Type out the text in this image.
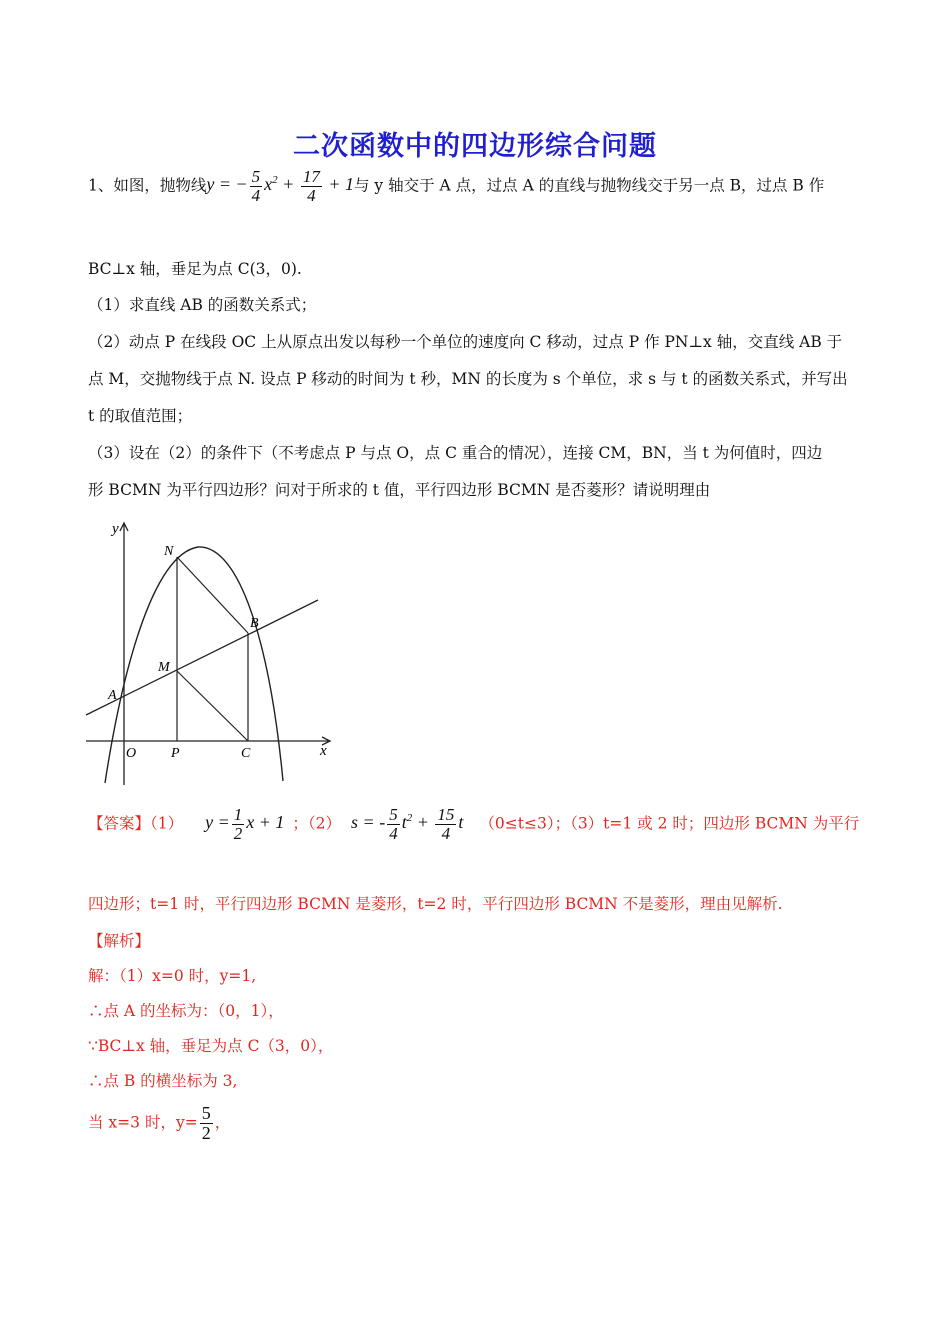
二次函数中的四边形综合问题
1、如图，抛物线y = − $\frac{5}{4} x^2 + \frac{17}{4} + 1$与 y 轴交于 A 点，过点 A 的直线与抛物线交于另一点 B，过点 B 作
BC⊥x 轴，垂足为点 C(3，0).
（1）求直线 AB 的函数关系式；
（2）动点 P 在线段 OC 上从原点出发以每秒一个单位的速度向 C 移动，过点 P 作 PN⊥x 轴，交直线 AB 于
点 M，交抛物线于点 N. 设点 P 移动的时间为 t 秒，MN 的长度为 s 个单位，求 s 与 t 的函数关系式，并写出
t 的取值范围；
（3）设在（2）的条件下（不考虑点 P 与点 O，点 C 重合的情况），连接 CM，BN，当 t 为何值时，四边
形 BCMN 为平行四边形？问对于所求的 t 值，平行四边形 BCMN 是否菱形？请说明理由
y
x
N
B
M
A
O P	C
【答案】（1） $y = \frac{1}{2}$ x + 1 ；（2） s = - $\frac{5}{4} t^2 + \frac{15}{4}$ t （0≤t≤3）；（3）t=1 或 2 时；四边形 BCMN 为平行
四边形；t=1 时，平行四边形 BCMN 是菱形，t=2 时，平行四边形 BCMN 不是菱形，理由见解析.
【解析】
解：（1）x=0 时，y=1,
∴点 A 的坐标为：（0，1），
∵BC⊥x 轴，垂足为点 C（3，0），
∴点 B 的横坐标为 3,
当 x=3 时，$y= \frac{5}{2}$ ，
